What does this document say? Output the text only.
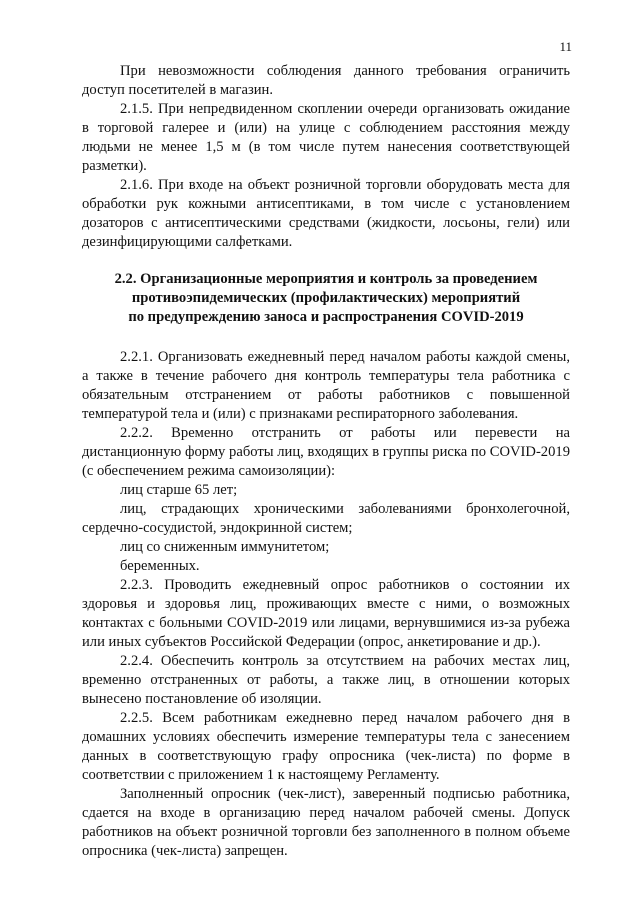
11

При невозможности соблюдения данного требования ограничить доступ посетителей в магазин.

2.1.5. При непредвиденном скоплении очереди организовать ожидание в торговой галерее и (или) на улице с соблюдением расстояния между людьми не менее 1,5 м (в том числе путем нанесения соответствующей разметки).

2.1.6. При входе на объект розничной торговли оборудовать места для обработки рук кожными антисептиками, в том числе с установлением дозаторов с антисептическими средствами (жидкости, лосьоны, гели) или дезинфицирующими салфетками.

2.2. Организационные мероприятия и контроль за проведением

противоэпидемических (профилактических) мероприятий

по предупреждению заноса и распространения COVID-2019

2.2.1. Организовать ежедневный перед началом работы каждой смены, а также в течение рабочего дня контроль температуры тела работника с обязательным отстранением от работы работников с повышенной температурой тела и (или) с признаками респираторного заболевания.

2.2.2. Временно отстранить от работы или перевести на дистанционную форму работы лиц, входящих в группы риска по COVID-2019 (с обеспечением режима самоизоляции):

лиц старше 65 лет;

лиц, страдающих хроническими заболеваниями бронхолегочной, сердечно-сосудистой, эндокринной систем;

лиц со сниженным иммунитетом;

беременных.

2.2.3. Проводить ежедневный опрос работников о состоянии их здоровья и здоровья лиц, проживающих вместе с ними, о возможных контактах с больными COVID-2019 или лицами, вернувшимися из-за рубежа или иных субъектов Российской Федерации (опрос, анкетирование и др.).

2.2.4. Обеспечить контроль за отсутствием на рабочих местах лиц, временно отстраненных от работы, а также лиц, в отношении которых вынесено постановление об изоляции.

2.2.5. Всем работникам ежедневно перед началом рабочего дня в домашних условиях обеспечить измерение температуры тела с занесением данных в соответствующую графу опросника (чек-листа) по форме в соответствии с приложением 1 к настоящему Регламенту.

Заполненный опросник (чек-лист), заверенный подписью работника, сдается на входе в организацию перед началом рабочей смены. Допуск работников на объект розничной торговли без заполненного в полном объеме опросника (чек-листа) запрещен.
